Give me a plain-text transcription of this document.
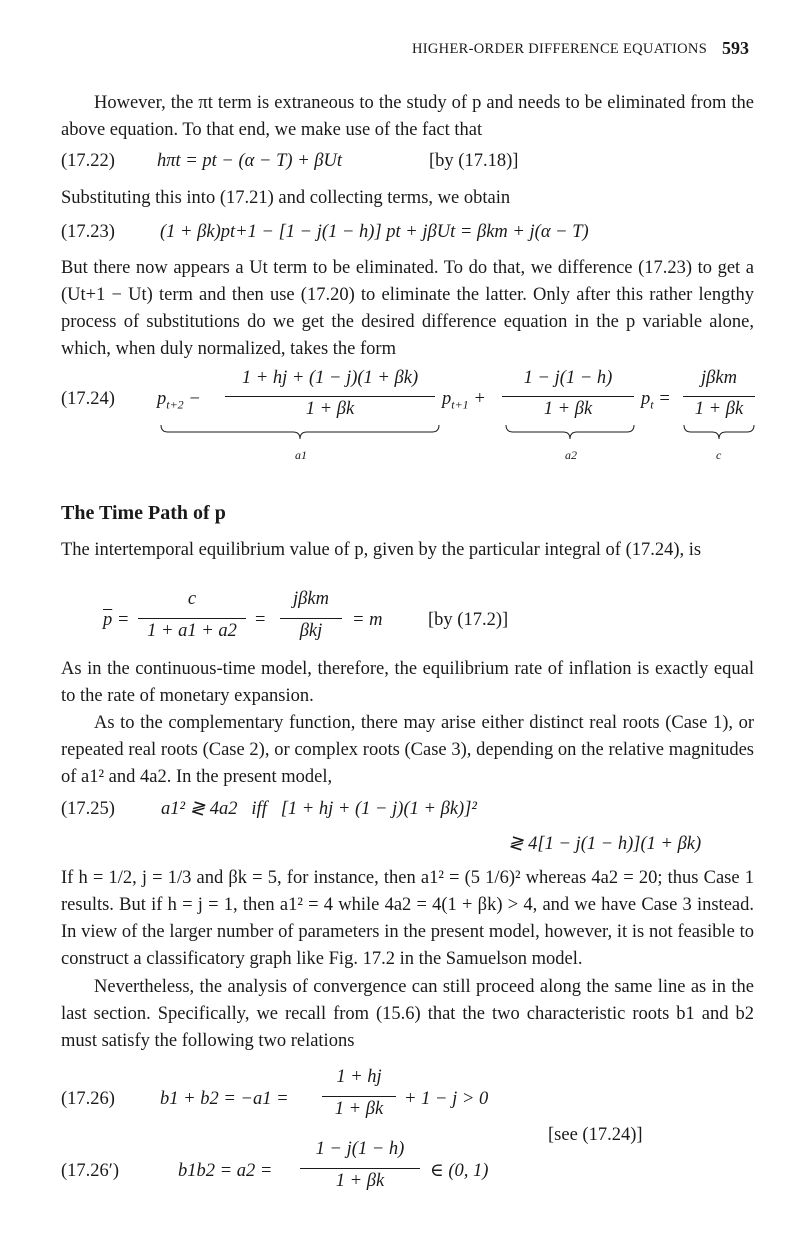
HIGHER-ORDER DIFFERENCE EQUATIONS 593
However, the πt term is extraneous to the study of p and needs to be eliminated from the above equation. To that end, we make use of the fact that
(17.22) hπt = pt − (α − T) + βUt	[by (17.18)]
Substituting this into (17.21) and collecting terms, we obtain
(17.23) (1 + βk)pt+1 − [1 − j(1 − h)] pt + jβUt = βkm + j(α − T)
But there now appears a Ut term to be eliminated. To do that, we difference (17.23) to get a (Ut+1 − Ut) term and then use (17.20) to eliminate the latter. Only after this rather lengthy process of substitutions do we get the desired difference equation in the p variable alone, which, when duly normalized, takes the form
(17.24) $p_{t+2}$ −
1 + hj + (1 − j)(1 + βk)
1 + βk	$p_{t+1}$ +
1 − j(1 − h)
1 + βk	$p_t$ =
jβkm
1 + βk
a1	a2	c
The Time Path of p
The intertemporal equilibrium value of p, given by the particular integral of (17.24), is
$\overline{p}$ =
c
1 + a1 + a2
=
jβkm
βkj
= m [by (17.2)]
As in the continuous-time model, therefore, the equilibrium rate of inflation is exactly equal to the rate of monetary expansion.
As to the complementary function, there may arise either distinct real roots (Case 1), or repeated real roots (Case 2), or complex roots (Case 3), depending on the relative magnitudes of a1² and 4a2. In the present model,
(17.25) a1² ≷ 4a2   iff   [1 + hj + (1 − j)(1 + βk)]²
≷ 4[1 − j(1 − h)](1 + βk)
If h = 1/2, j = 1/3 and βk = 5, for instance, then a1² = (5 1/6)² whereas 4a2 = 20; thus Case 1 results. But if h = j = 1, then a1² = 4 while 4a2 = 4(1 + βk) > 4, and we have Case 3 instead. In view of the larger number of parameters in the present model, however, it is not feasible to construct a classificatory graph like Fig. 17.2 in the Samuelson model.
Nevertheless, the analysis of convergence can still proceed along the same line as in the last section. Specifically, we recall from (15.6) that the two characteristic roots b1 and b2 must satisfy the following two relations
(17.26) b1 + b2 = −a1 =
1 + hj
1 + βk	+ 1 − j > 0
[see (17.24)]
(17.26′)	b1b2 = a2 =
1 − j(1 − h)
1 + βk	∈ (0, 1)
